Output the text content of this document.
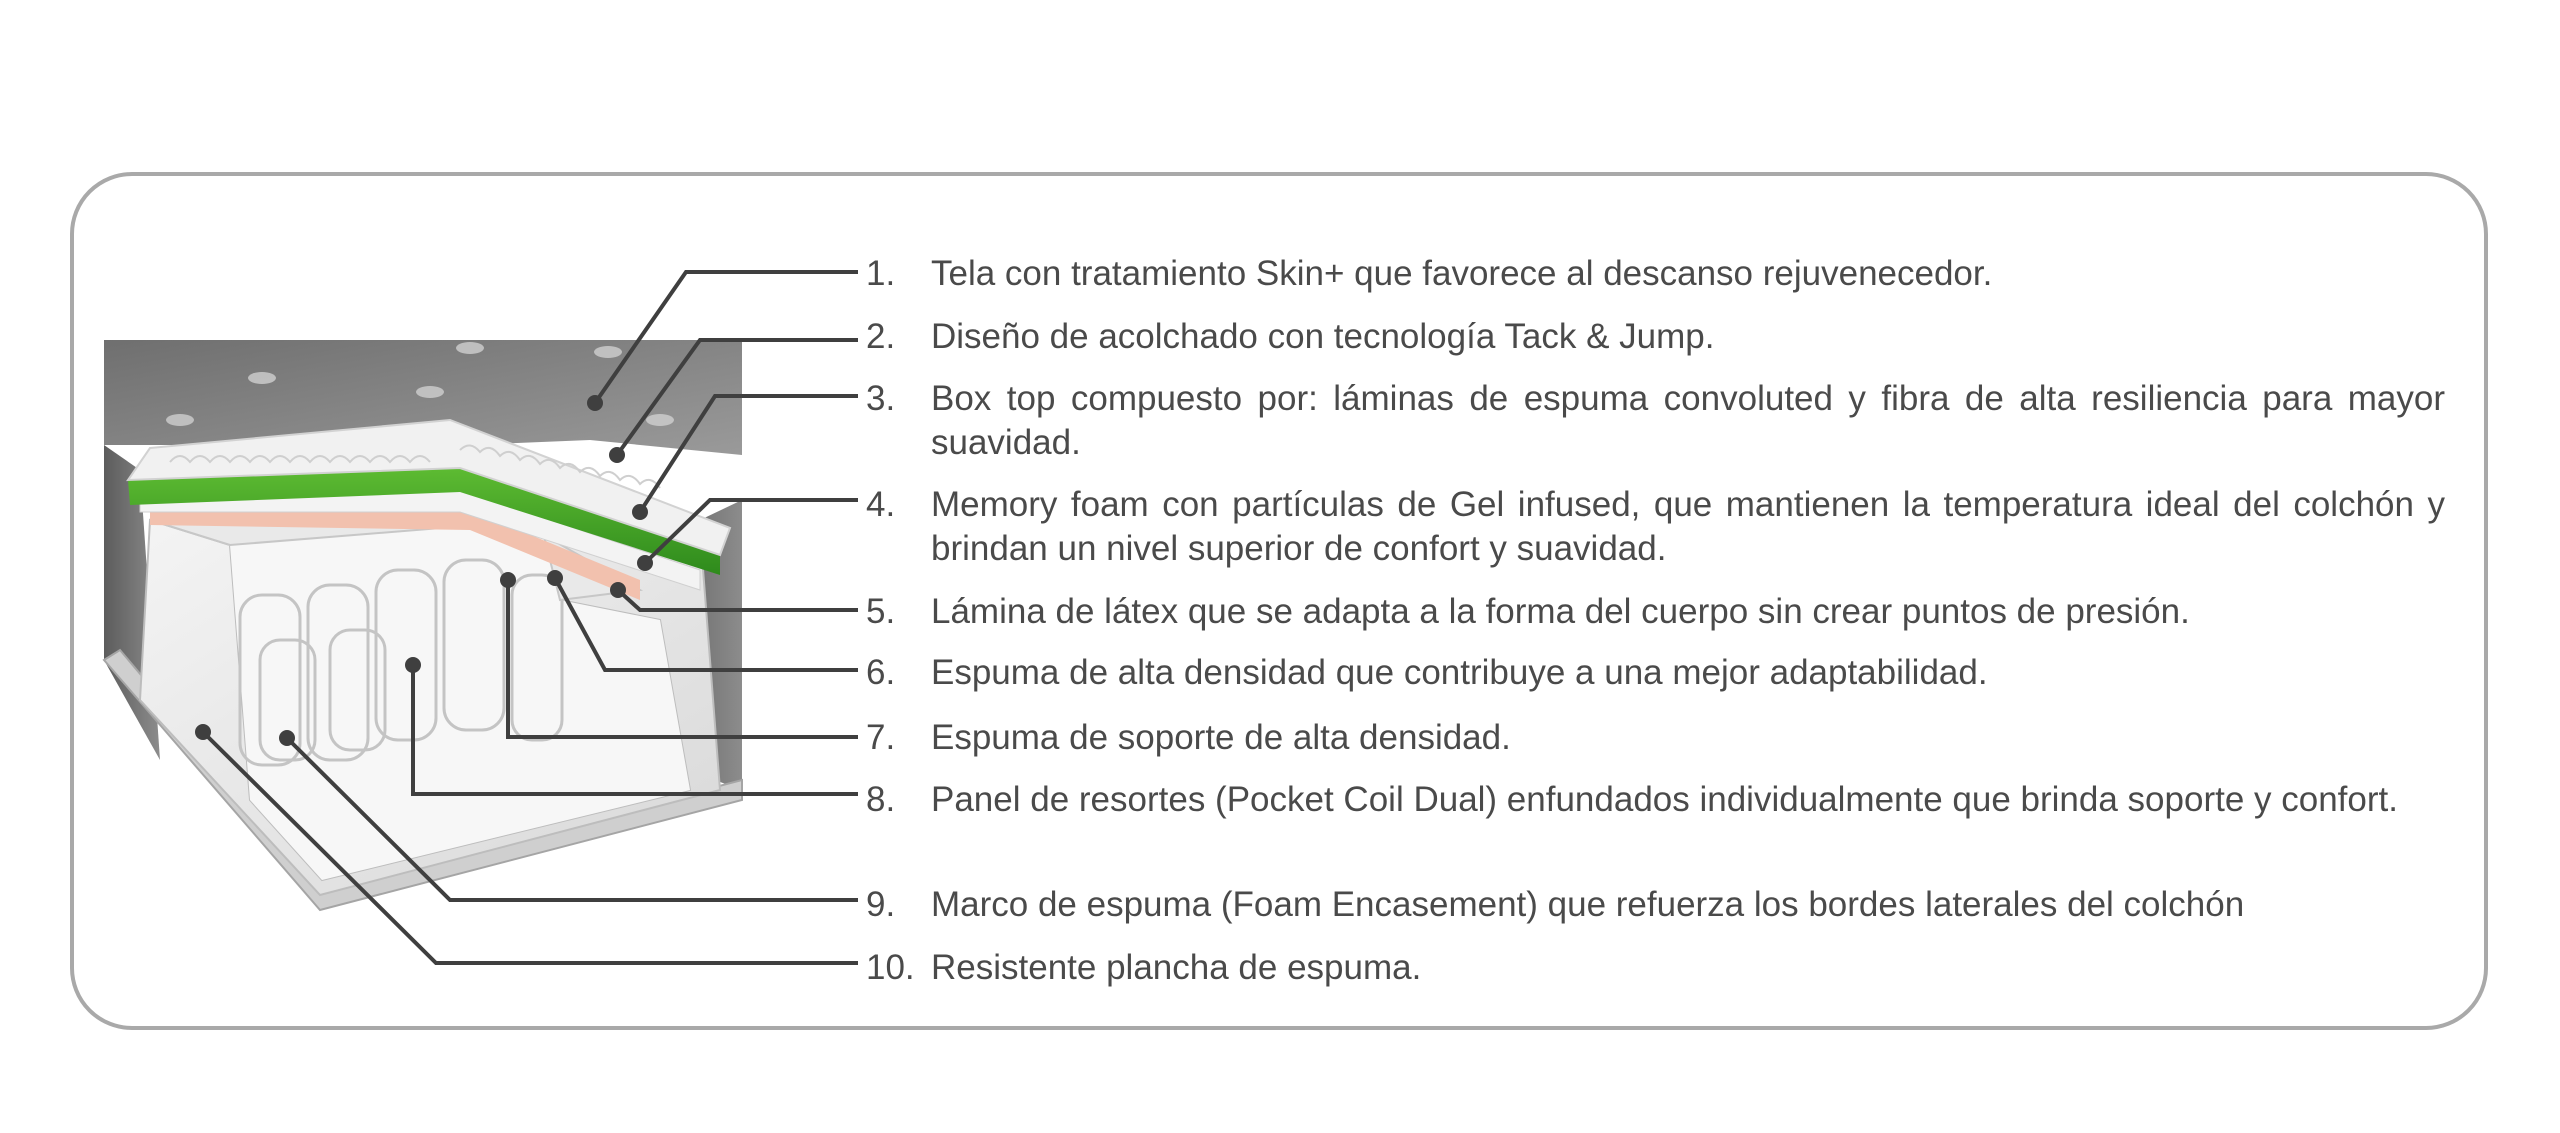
1.	Tela con tratamiento Skin+ que favorece al descanso rejuvenecedor.
2.	Diseño de acolchado con tecnología Tack & Jump.
3.	Box top compuesto por: láminas de espuma convoluted y fibra de alta resiliencia para mayor suavidad.
4.	Memory foam con partículas de Gel infused, que mantienen la temperatura ideal del colchón y brindan un nivel superior de confort y suavidad.
5.	Lámina de látex que se adapta a la forma del cuerpo sin crear puntos de presión.
6.	Espuma de alta densidad que contribuye a una mejor adaptabilidad.
7.	Espuma de soporte de alta densidad.
8.	Panel de resortes (Pocket Coil Dual) enfundados individualmente que brinda soporte y confort.
9.	Marco de espuma (Foam Encasement) que refuerza los bordes laterales del colchón
10. Resistente plancha de espuma.
